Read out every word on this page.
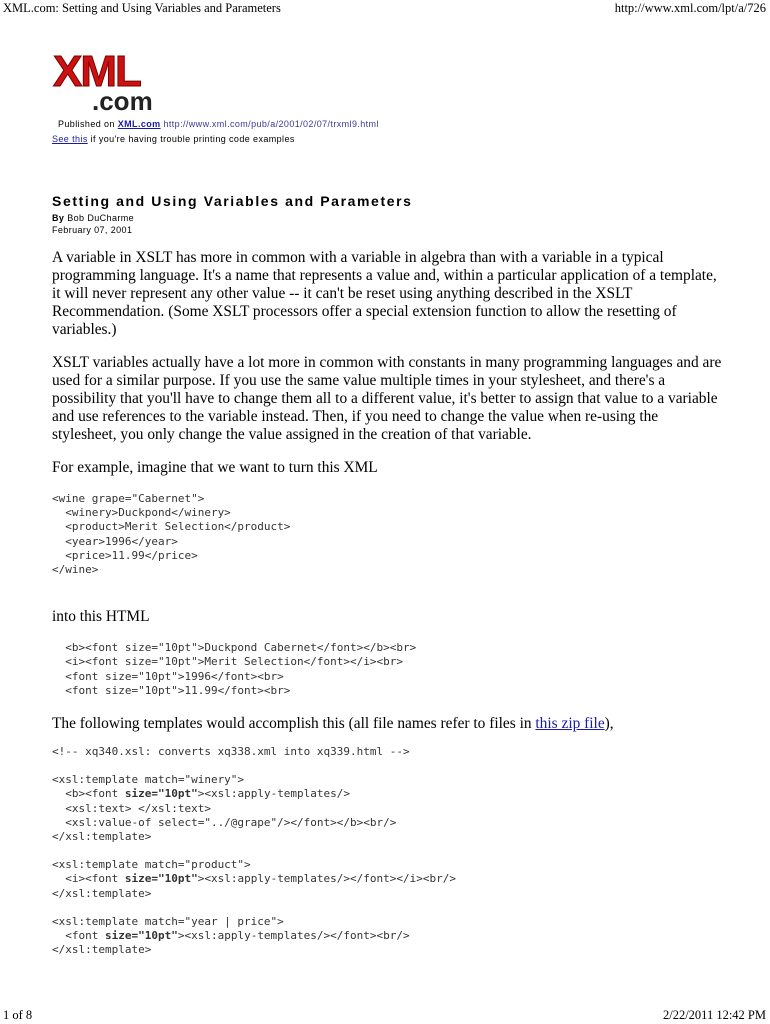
XML.com: Setting and Using Variables and Parameters	http://www.xml.com/lpt/a/726
XML
.com
Published on XML.com http://www.xml.com/pub/a/2001/02/07/trxml9.html
See this if you're having trouble printing code examples
Setting and Using Variables and Parameters
By Bob DuCharme
February 07, 2001

A variable in XSLT has more in common with a variable in algebra than with a variable in a typical programming language. It's a name that represents a value and, within a particular application of a template, it will never represent any other value -- it can't be reset using anything described in the XSLT Recommendation. (Some XSLT processors offer a special extension function to allow the resetting of variables.)

XSLT variables actually have a lot more in common with constants in many programming languages and are used for a similar purpose. If you use the same value multiple times in your stylesheet, and there's a possibility that you'll have to change them all to a different value, it's better to assign that value to a variable and use references to the variable instead. Then, if you need to change the value when re-using the stylesheet, you only change the value assigned in the creation of that variable.

For example, imagine that we want to turn this XML

<wine grape="Cabernet">
<winery>Duckpond</winery>
<product>Merit Selection</product>
<year>1996</year>
<price>11.99</price>
</wine>

into this HTML

<b><font size="10pt">Duckpond Cabernet</font></b><br>
<i><font size="10pt">Merit Selection</font></i><br>
<font size="10pt">1996</font><br>
<font size="10pt">11.99</font><br>

The following templates would accomplish this (all file names refer to files in this zip file),

<!-- xq340.xsl: converts xq338.xml into xq339.html -->
<xsl:template match="winery">
<b><font size="10pt"><xsl:apply-templates/>
<xsl:text> </xsl:text>
<xsl:value-of select="../@grape"/></font></b><br/>
</xsl:template>
<xsl:template match="product">
<i><font size="10pt"><xsl:apply-templates/></font></i><br/>
</xsl:template>
<xsl:template match="year | price">
<font size="10pt"><xsl:apply-templates/></font><br/>
</xsl:template>
1 of 8	2/22/2011 12:42 PM
